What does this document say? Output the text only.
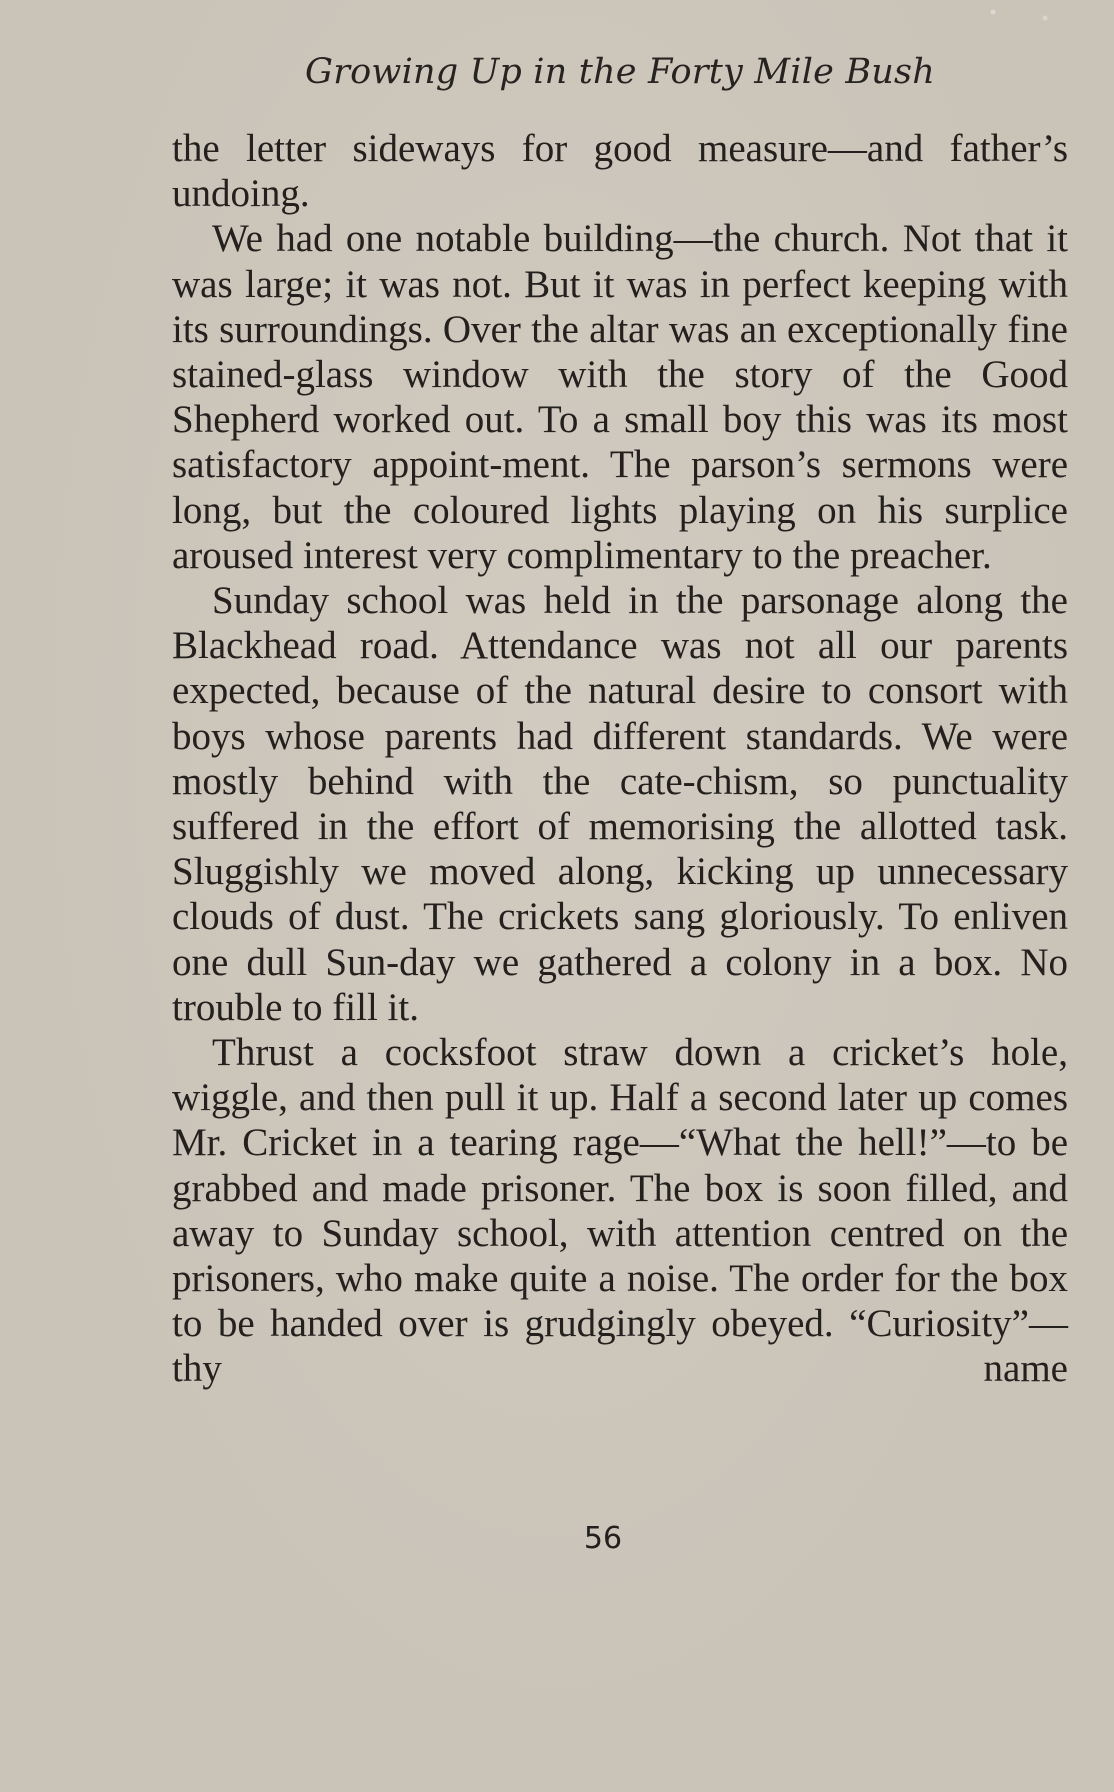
Growing Up in the Forty Mile Bush

the letter sideways for good measure—and father’s undoing.

We had one notable building—the church. Not that it was large; it was not. But it was in perfect keeping with its surroundings. Over the altar was an exceptionally fine stained-glass window with the story of the Good Shepherd worked out. To a small boy this was its most satisfactory appoint-ment. The parson’s sermons were long, but the coloured lights playing on his surplice aroused interest very complimentary to the preacher.

Sunday school was held in the parsonage along the Blackhead road. Attendance was not all our parents expected, because of the natural desire to consort with boys whose parents had different standards. We were mostly behind with the cate-chism, so punctuality suffered in the effort of memorising the allotted task. Sluggishly we moved along, kicking up unnecessary clouds of dust. The crickets sang gloriously. To enliven one dull Sun-day we gathered a colony in a box. No trouble to fill it.

Thrust a cocksfoot straw down a cricket’s hole, wiggle, and then pull it up. Half a second later up comes Mr. Cricket in a tearing rage—“What the hell!”—to be grabbed and made prisoner. The box is soon filled, and away to Sunday school, with attention centred on the prisoners, who make quite a noise. The order for the box to be handed over is grudgingly obeyed. “Curiosity”—thy name

56
